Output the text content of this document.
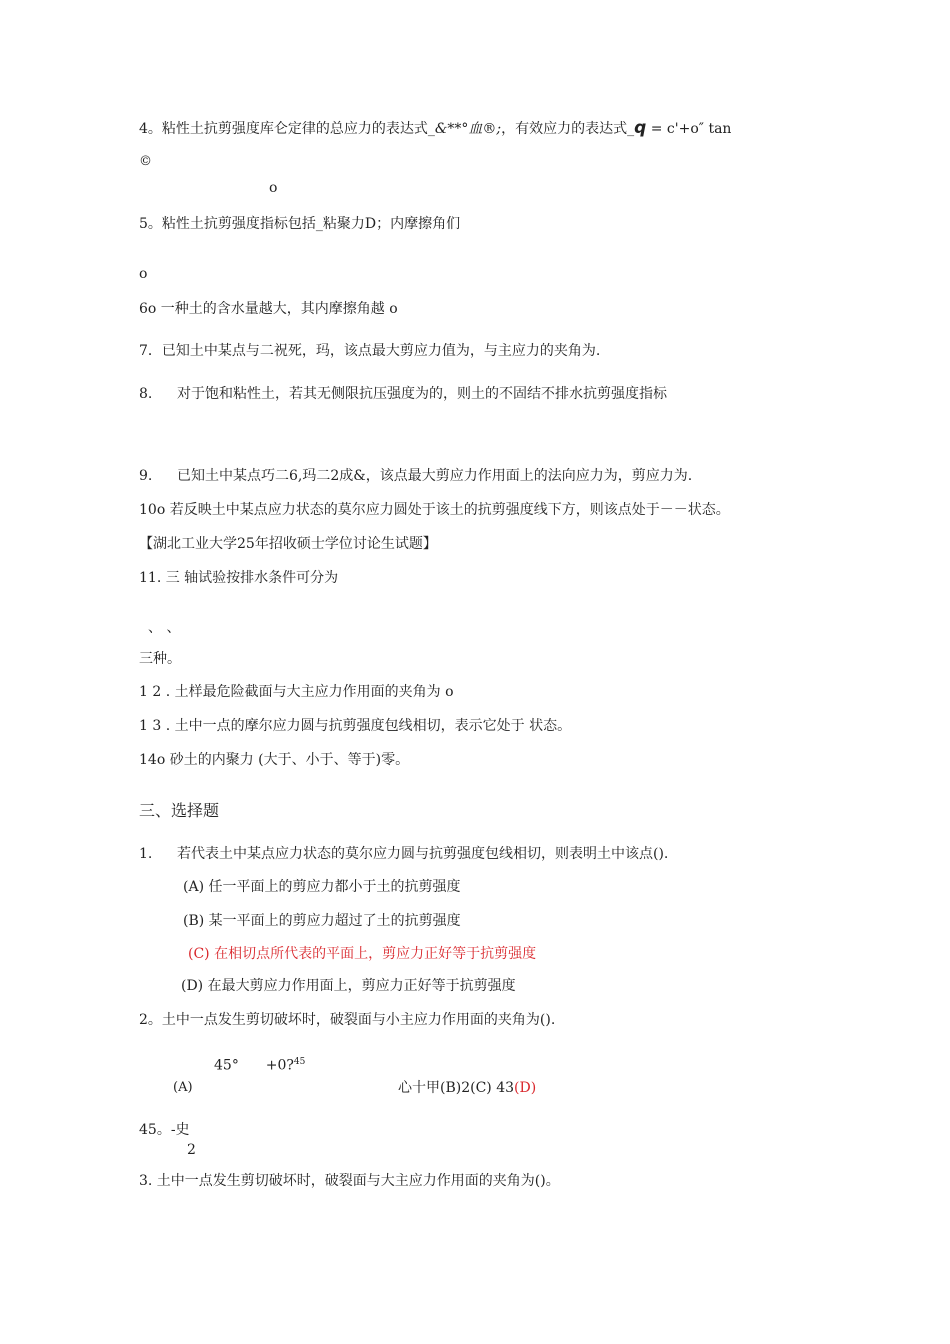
4。粘性土抗剪强度库仑定律的总应力的表达式_&**°血®;，有效应力的表达式_q = c'+o″ tan
©
o
5。粘性土抗剪强度指标包括_粘聚力D；内摩擦角们
o
6o 一种土的含水量越大，其内摩擦角越 o
7．已知土中某点与二祝死，玛，该点最大剪应力值为，与主应力的夹角为.
8. 对于饱和粘性土，若其无侧限抗压强度为的，则土的不固结不排水抗剪强度指标
9. 已知土中某点巧二6,玛二2成&，该点最大剪应力作用面上的法向应力为，剪应力为.
10o 若反映土中某点应力状态的莫尔应力圆处于该土的抗剪强度线下方，则该点处于－－状态。
【湖北工业大学25年招收硕士学位讨论生试题】
11. 三 轴试验按排水条件可分为
、 、
三种。
1 2 . 土样最危险截面与大主应力作用面的夹角为 o
1 3 . 土中一点的摩尔应力圆与抗剪强度包线相切，表示它处于 状态。
14o 砂土的内聚力 (大于、小于、等于)零。
三、选择题
1. 若代表土中某点应力状态的莫尔应力圆与抗剪强度包线相切，则表明土中该点().
(A) 任一平面上的剪应力都小于土的抗剪强度
(B) 某一平面上的剪应力超过了土的抗剪强度
(C) 在相切点所代表的平面上，剪应力正好等于抗剪强度
(D) 在最大剪应力作用面上，剪应力正好等于抗剪强度
2。土中一点发生剪切破坏时，破裂面与小主应力作用面的夹角为().
45° +0?$^{45}$
(A)	心十甲(B)2(C) 43(D)
45。-史
2
3. 土中一点发生剪切破坏时，破裂面与大主应力作用面的夹角为()。
